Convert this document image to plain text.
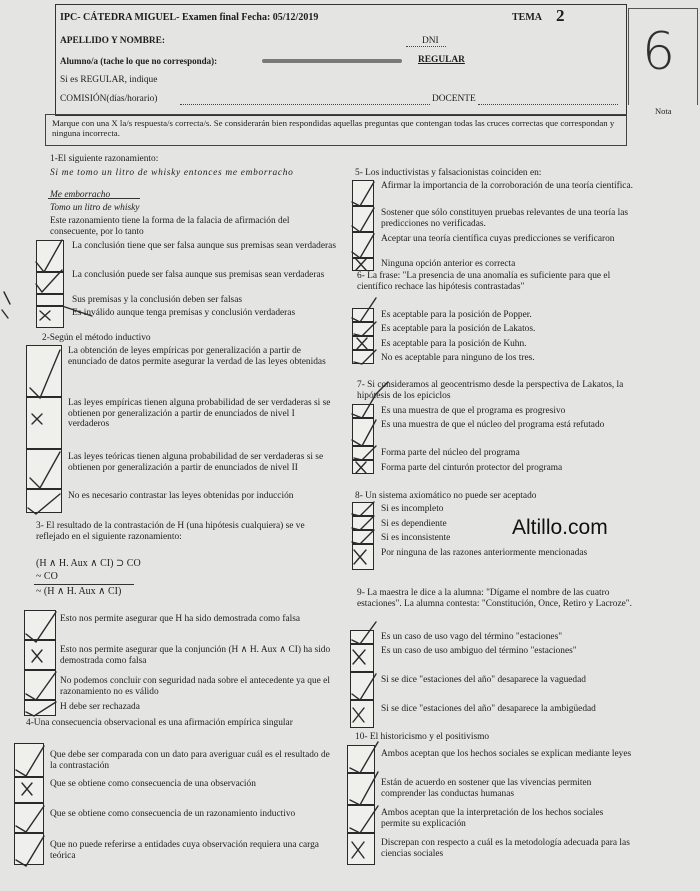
IPC- CÁTEDRA MIGUEL- Examen final Fecha: 05/12/2019	TEMA 2
APELLIDO Y NOMBRE:	DNI
Alumno/a (tache lo que no corresponda):	REGULAR
Si es REGULAR, indique
COMISIÓN(días/horario)	DOCENTE
6
Nota
Marque con una X la/s respuesta/s correcta/s. Se considerarán bien respondidas aquellas preguntas que contengan todas las cruces correctas que correspondan y ninguna incorrecta.
1-El siguiente razonamiento:
Si me tomo un litro de whisky entonces me emborracho
Me emborracho
Tomo un litro de whisky
Este razonamiento tiene la forma de la falacia de afirmación del consecuente, por lo tanto
La conclusión tiene que ser falsa aunque sus premisas sean verdaderas
La conclusión puede ser falsa aunque sus premisas sean verdaderas
Sus premisas y la conclusión deben ser falsas
Es inválido aunque tenga premisas y conclusión verdaderas
2-Según el método inductivo
La obtención de leyes empíricas por generalización a partir de enunciado de datos permite asegurar la verdad de las leyes obtenidas
Las leyes empíricas tienen alguna probabilidad de ser verdaderas si se obtienen por generalización a partir de enunciados de nivel I verdaderos
Las leyes teóricas tienen alguna probabilidad de ser verdaderas si se obtienen por generalización a partir de enunciados de nivel II
No es necesario contrastar las leyes obtenidas por inducción
3- El resultado de la contrastación de H (una hipótesis cualquiera) se ve reflejado en el siguiente razonamiento:
(H ∧ H. Aux ∧ CI) ⊃ CO
~ CO
~ (H ∧ H. Aux ∧ CI)
Esto nos permite asegurar que H ha sido demostrada como falsa
Esto nos permite asegurar que la conjunción (H ∧ H. Aux ∧ CI) ha sido demostrada como falsa
No podemos concluir con seguridad nada sobre el antecedente ya que el razonamiento no es válido
H debe ser rechazada
4-Una consecuencia observacional es una afirmación empírica singular
Que debe ser comparada con un dato para averiguar cuál es el resultado de la contrastación
Que se obtiene como consecuencia de una observación
Que se obtiene como consecuencia de un razonamiento inductivo
Que no puede referirse a entidades cuya observación requiera una carga teórica
5- Los inductivistas y falsacionistas coinciden en:
Afirmar la importancia de la corroboración de una teoría científica.
Sostener que sólo constituyen pruebas relevantes de una teoría las predicciones no verificadas.
Aceptar una teoría científica cuyas predicciones se verificaron
Ninguna opción anterior es correcta
6- La frase: "La presencia de una anomalía es suficiente para que el científico rechace las hipótesis contrastadas"
Es aceptable para la posición de Popper.
Es aceptable para la posición de Lakatos.
Es aceptable para la posición de Kuhn.
No es aceptable para ninguno de los tres.
7- Si consideramos al geocentrismo desde la perspectiva de Lakatos, la hipótesis de los epiciclos
Es una muestra de que el programa es progresivo
Es una muestra de que el núcleo del programa está refutado
Forma parte del núcleo del programa
Forma parte del cinturón protector del programa
8- Un sistema axiomático no puede ser aceptado
Si es incompleto
Si es dependiente
Si es inconsistente
Por ninguna de las razones anteriormente mencionadas
Altillo.com
9- La maestra le dice a la alumna: "Dígame el nombre de las cuatro estaciones". La alumna contesta: "Constitución, Once, Retiro y Lacroze".
Es un caso de uso vago del término "estaciones"
Es un caso de uso ambiguo del término "estaciones"
Si se dice "estaciones del año" desaparece la vaguedad
Si se dice "estaciones del año" desaparece la ambigüedad
10- El historicismo y el positivismo
Ambos aceptan que los hechos sociales se explican mediante leyes
Están de acuerdo en sostener que las vivencias permiten comprender las conductas humanas
Ambos aceptan que la interpretación de los hechos sociales permite su explicación
Discrepan con respecto a cuál es la metodología adecuada para las ciencias sociales
